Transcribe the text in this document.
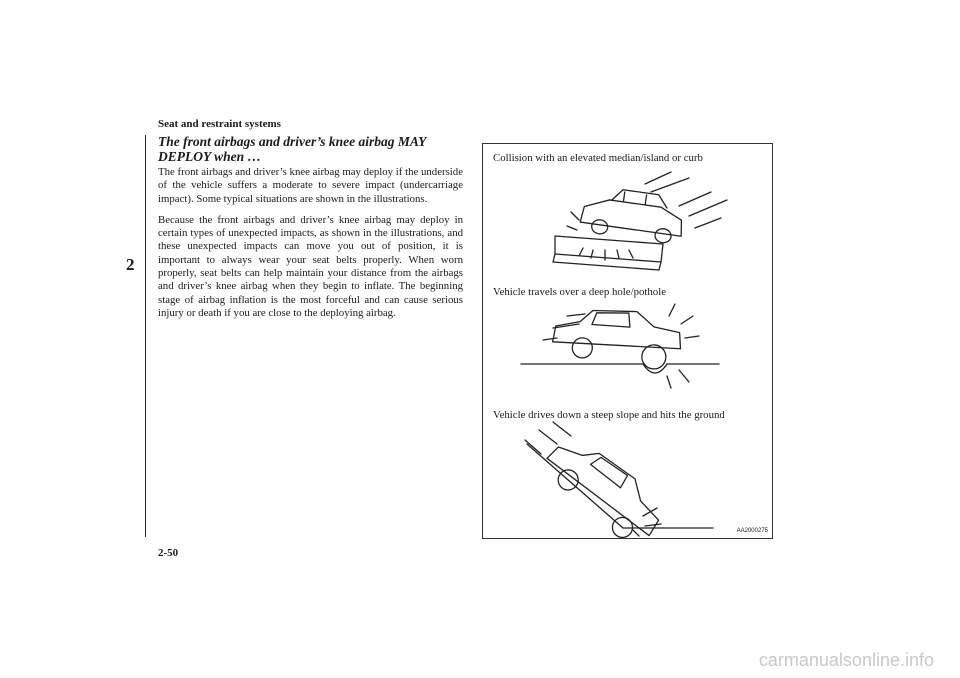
Seat and restraint systems
2
The front airbags and driver’s knee airbag MAY DEPLOY when …

The front airbags and driver’s knee airbag may deploy if the underside of the vehicle suffers a moderate to severe impact (undercarriage impact). Some typical situations are shown in the illustrations.

Because the front airbags and driver’s knee airbag may deploy in certain types of unexpected impacts, as shown in the illustrations, and these unexpected impacts can move you out of position, it is important to always wear your seat belts properly. When worn properly, seat belts can help maintain your distance from the airbags and driver’s knee airbag when they begin to inflate. The beginning stage of airbag inflation is the most forceful and can cause serious injury or death if you are close to the deploying airbag.

Collision with an elevated median/island or curb
Vehicle travels over a deep hole/pothole
Vehicle drives down a steep slope and hits the ground
AA2000275
2-50
carmanualsonline.info
